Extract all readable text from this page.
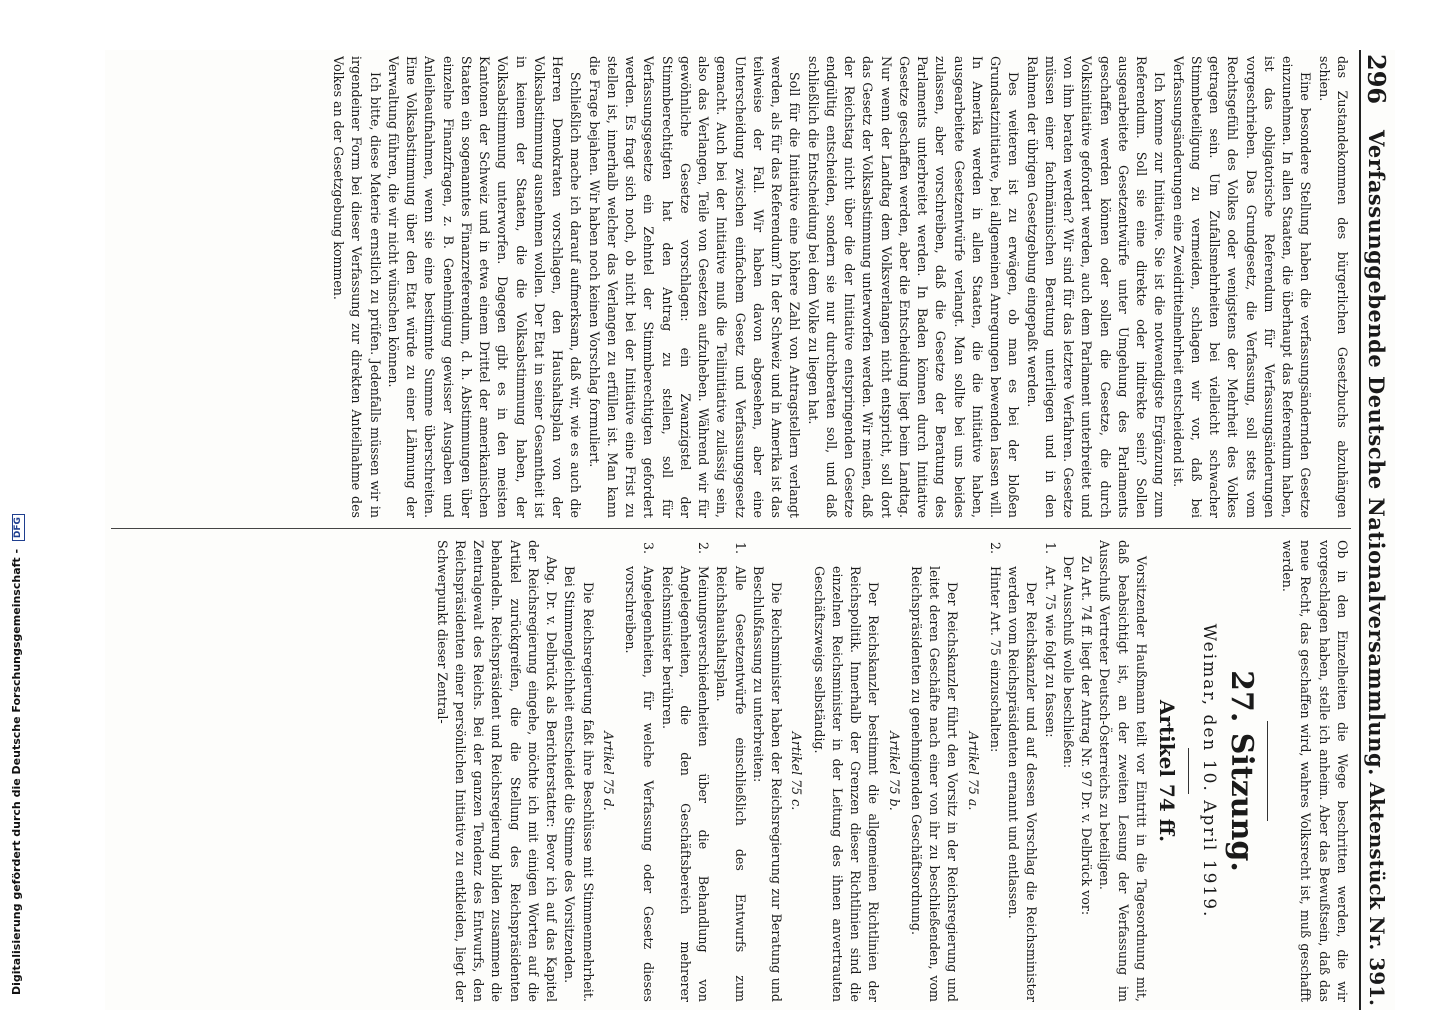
296
Verfassunggebende Deutsche Nationalversammlung.
Aktenstück Nr. 391.

das Zustandekommen des bürgerlichen Gesetzbuchs abzuhängen schien.

Eine besondere Stellung haben die verfassungsändernden Gesetze einzunehmen. In allen Staaten, die überhaupt das Referendum haben, ist das obligatorische Referendum für Verfassungsänderungen vorgeschrieben. Das Grundgesetz, die Verfassung, soll stets vom Rechtsgefühl des Volkes oder wenigstens der Mehrheit des Volkes getragen sein. Um Zufallsmehrheiten bei vielleicht schwacher Stimmbeteiligung zu vermeiden, schlagen wir vor, daß bei Verfassungsänderungen eine Zweidrittelmehrheit entscheidend ist.

Ich komme zur Initiative. Sie ist die notwendigste Ergänzung zum Referendum. Soll sie eine direkte oder indirekte sein? Sollen ausgearbeitete Gesetzentwürfe unter Umgehung des Parlaments geschaffen werden können oder sollen die Gesetze, die durch Volksinitiative gefordert werden, auch dem Parlament unterbreitet und von ihm beraten werden? Wir sind für das letztere Verfahren. Gesetze müssen einer fachmännischen Beratung unterliegen und in den Rahmen der übrigen Gesetzgebung eingepaßt werden.

Des weiteren ist zu erwägen, ob man es bei der bloßen Grundsatzinitiative, bei allgemeinen Anregungen bewenden lassen will. In Amerika werden in allen Staaten, die die Initiative haben, ausgearbeitete Gesetzentwürfe verlangt. Man sollte bei uns beides zulassen, aber vorschreiben, daß die Gesetze der Beratung des Parlaments unterbreitet werden. In Baden können durch Initiative Gesetze geschaffen werden, aber die Entscheidung liegt beim Landtag. Nur wenn der Landtag dem Volksverlangen nicht entspricht, soll dort das Gesetz der Volksabstimmung unterworfen werden. Wir meinen, daß der Reichstag nicht über die der Initiative entspringenden Gesetze endgültig entscheiden, sondern sie nur durchberaten soll, und daß schließlich die Entscheidung bei dem Volke zu liegen hat.

Soll für die Initiative eine höhere Zahl von Antragstellern verlangt werden, als für das Referendum? In der Schweiz und in Amerika ist das teilweise der Fall. Wir haben davon abgesehen, aber eine Unterscheidung zwischen einfachem Gesetz und Verfassungsgesetz gemacht. Auch bei der Initiative muß die Teilinitiative zulässig sein, also das Verlangen, Teile von Gesetzen aufzuheben. Während wir für gewöhnliche Gesetze vorschlagen: ein Zwanzigstel der Stimmberechtigten hat den Antrag zu stellen, soll für Verfassungsgesetze ein Zehntel der Stimmberechtigten gefordert werden. Es fragt sich noch, ob nicht bei der Initiative eine Frist zu stellen ist, innerhalb welcher das Verlangen zu erfüllen ist. Man kann die Frage bejahen. Wir haben noch keinen Vorschlag formuliert.

Schließlich mache ich darauf aufmerksam, daß wir, wie es auch die Herren Demokraten vorschlagen, den Haushaltsplan von der Volksabstimmung ausnehmen wollen. Der Etat in seiner Gesamtheit ist in keinem der Staaten, die die Volksabstimmung haben, der Volksabstimmung unterworfen. Dagegen gibt es in den meisten Kantonen der Schweiz und in etwa einem Drittel der amerikanischen Staaten ein sogenanntes Finanzreferendum, d. h. Abstimmungen über einzelne Finanzfragen, z. B. Genehmigung gewisser Ausgaben und Anleiheaufnahmen, wenn sie eine bestimmte Summe überschreiten. Eine Volksabstimmung über den Etat würde zu einer Lähmung der Verwaltung führen, die wir nicht wünschen können.

Ich bitte, diese Materie ernstlich zu prüfen. Jedenfalls müssen wir in irgendeiner Form bei dieser Verfassung zur direkten Anteilnahme des Volkes an der Gesetzgebung kommen.

Ob in den Einzelheiten die Wege beschritten werden, die wir vorgeschlagen haben, stelle ich anheim. Aber das Bewußtsein, daß das neue Recht, das geschaffen wird, wahres Volksrecht ist, muß geschafft werden.

27. Sitzung.
Weimar, den 10. April 1919.
Artikel 74 ff.

Vorsitzender Haußmann teilt vor Eintritt in die Tagesordnung mit, daß beabsichtigt ist, an der zweiten Lesung der Verfassung im Ausschuß Vertreter Deutsch-Österreichs zu beteiligen.

Zu Art. 74 ff. liegt der Antrag Nr. 97 Dr. v. Delbrück vor:

Der Ausschuß wolle beschließen:

1.
Art. 75 wie folgt zu fassen:

Der Reichskanzler und auf dessen Vorschlag die Reichsminister werden vom Reichspräsidenten ernannt und entlassen.

2.
Hinter Art. 75 einzuschalten:
Artikel 75 a.

Der Reichskanzler führt den Vorsitz in der Reichsregierung und leitet deren Geschäfte nach einer von ihr zu beschließenden, vom Reichspräsidenten zu genehmigenden Geschäftsordnung.

Artikel 75 b.

Der Reichskanzler bestimmt die allgemeinen Richtlinien der Reichspolitik. Innerhalb der Grenzen dieser Richtlinien sind die einzelnen Reichsminister in der Leitung des ihnen anvertrauten Geschäftszweigs selbständig.

Artikel 75 c.

Die Reichsminister haben der Reichsregierung zur Beratung und Beschlußfassung zu unterbreiten:

1.
Alle Gesetzentwürfe einschließlich des Entwurfs zum Reichshaushaltsplan.
2.
Meinungsverschiedenheiten über die Behandlung von Angelegenheiten, die den Geschäftsbereich mehrerer Reichsminister berühren.
3.
Angelegenheiten, für welche Verfassung oder Gesetz dieses vorschreiben.
Artikel 75 d.

Die Reichsregierung faßt ihre Beschlüsse mit Stimmenmehrheit. Bei Stimmengleichheit entscheidet die Stimme des Vorsitzenden.

Abg. Dr. v. Delbrück als Berichterstatter: Bevor ich auf das Kapitel der Reichsregierung eingehe, möchte ich mit einigen Worten auf die Artikel zurückgreifen, die die Stellung des Reichspräsidenten behandeln. Reichspräsident und Reichsregierung bilden zusammen die Zentralgewalt des Reichs. Bei der ganzen Tendenz des Entwurfs, den Reichspräsidenten einer persönlichen Initiative zu entkleiden, liegt der Schwerpunkt dieser Zentral-

Digitalisierung gefördert durch die Deutsche Forschungsgemeinschaft - DFG
